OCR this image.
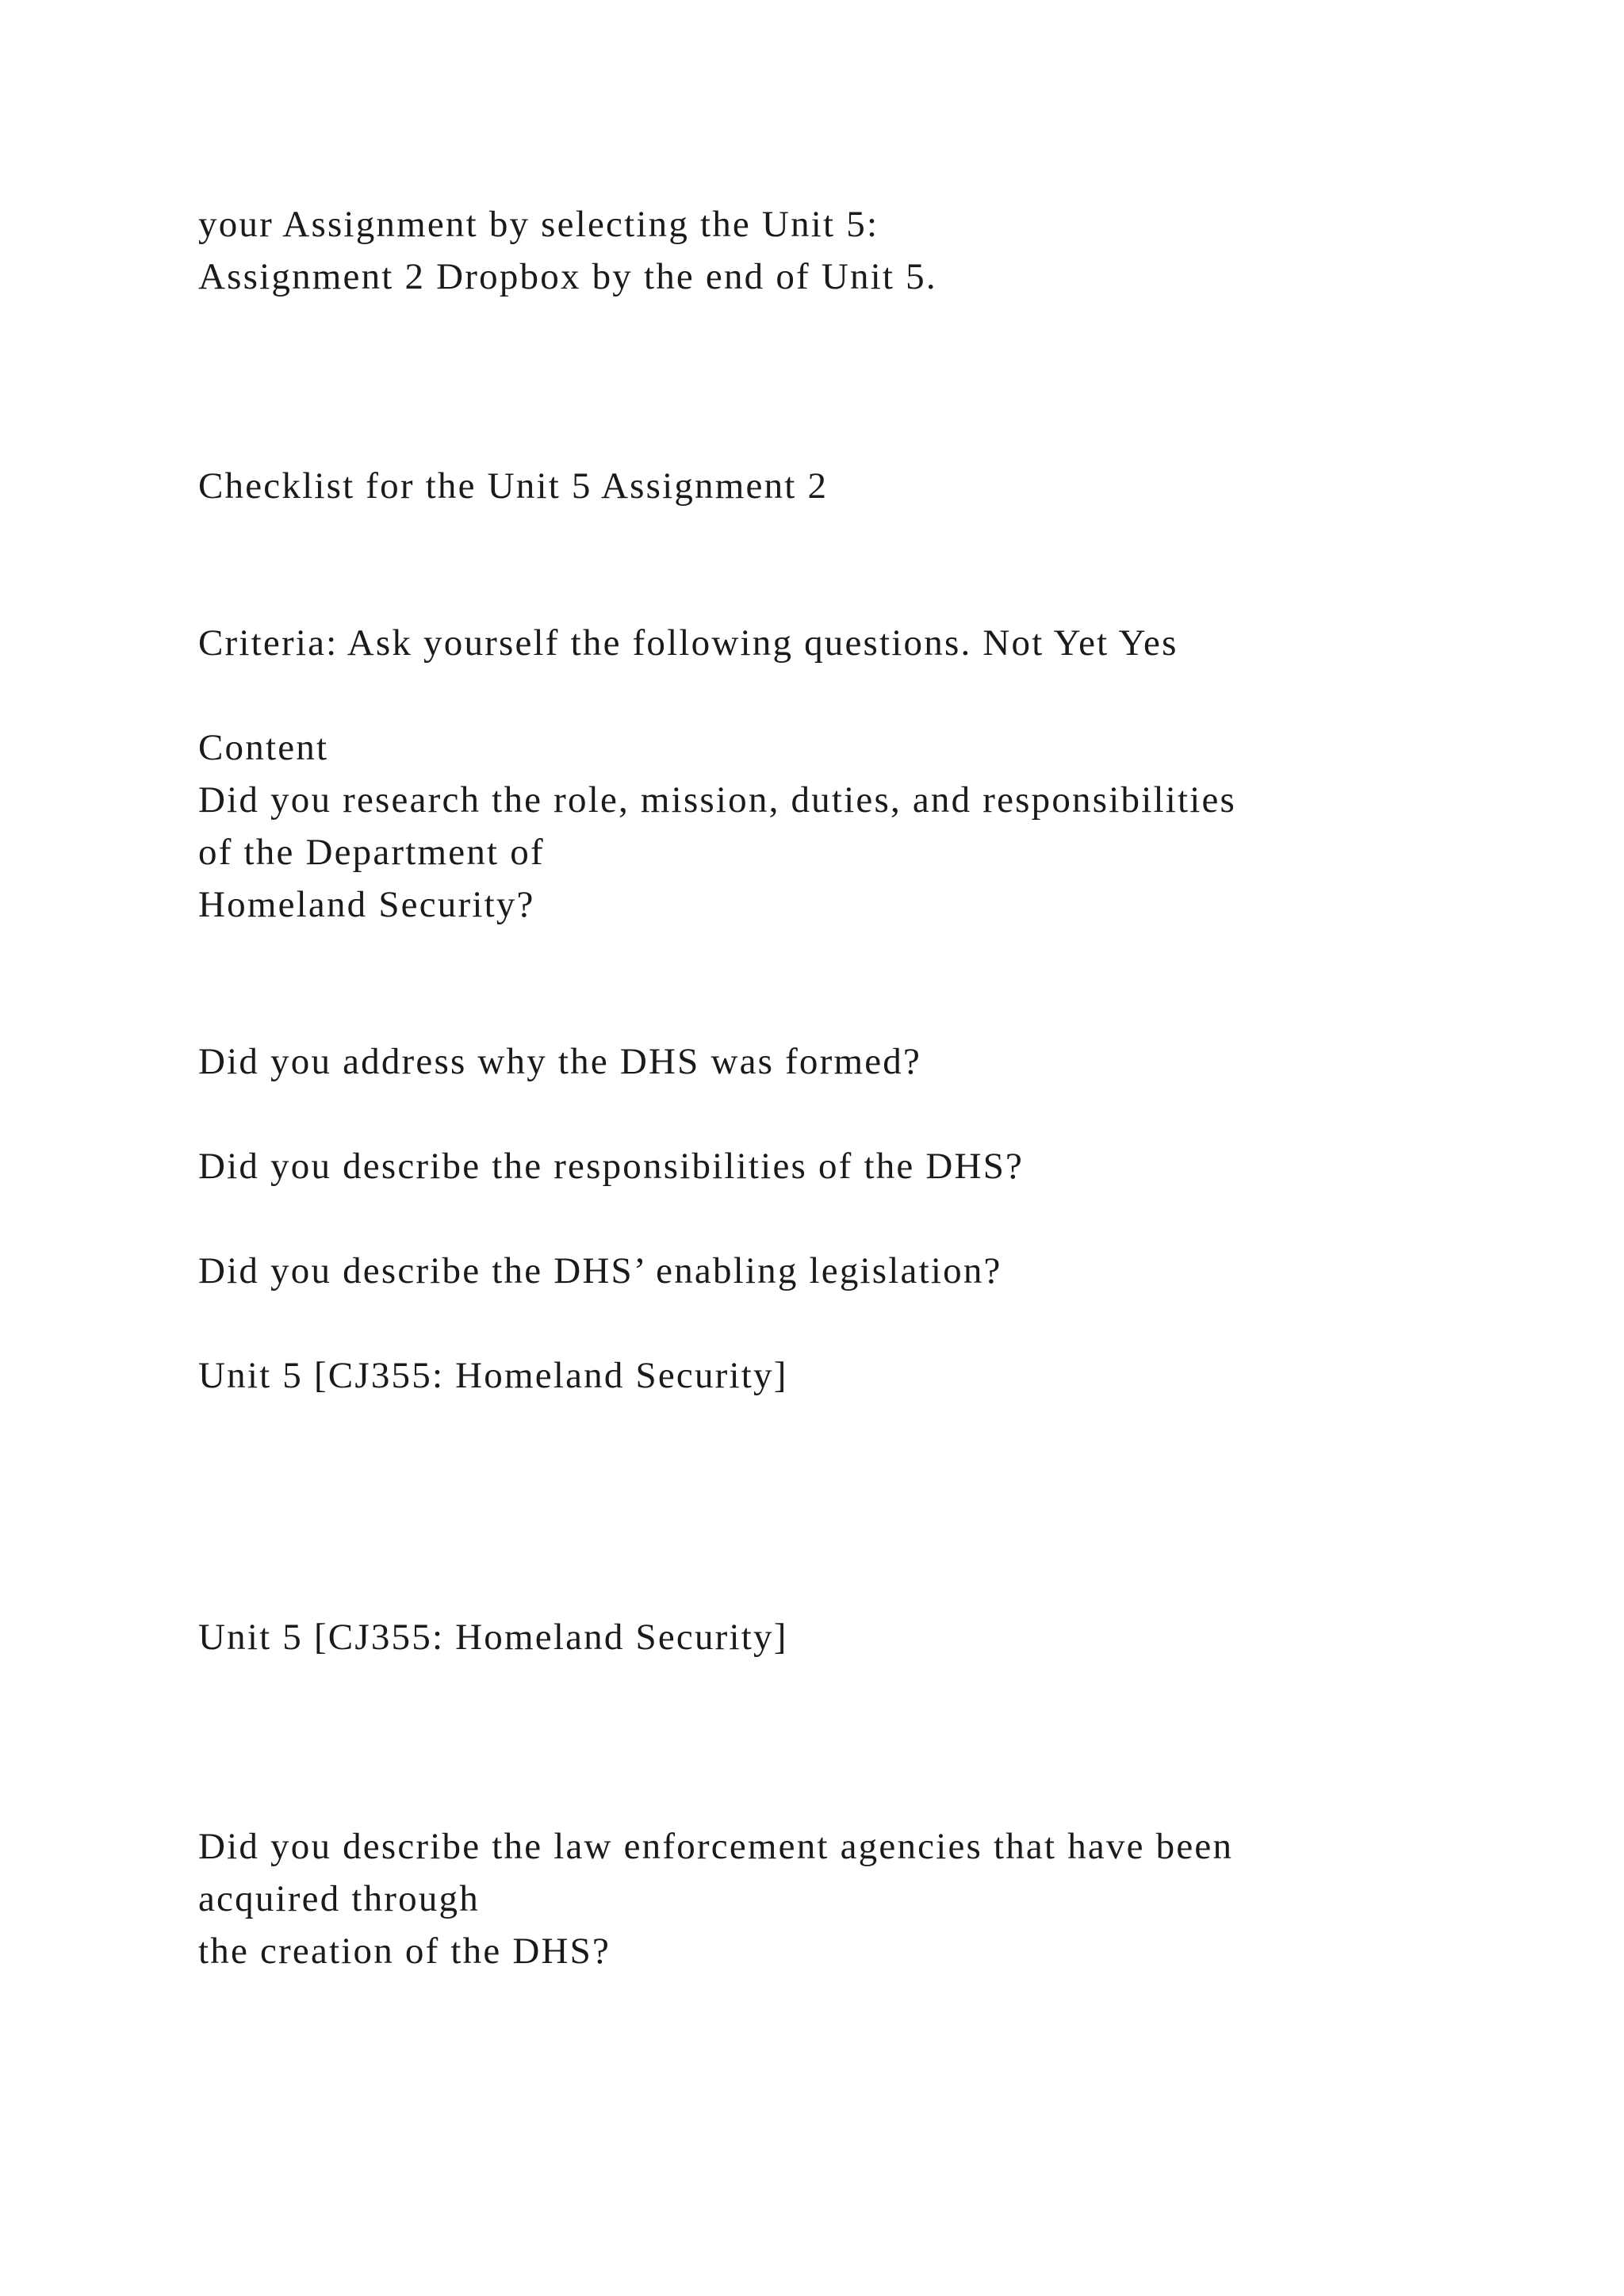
your Assignment by selecting the Unit 5:

Assignment 2 Dropbox by the end of Unit 5.

Checklist for the Unit 5 Assignment 2

Criteria: Ask yourself the following questions. Not Yet Yes

Content

Did you research the role, mission, duties, and responsibilities

of the Department of

Homeland Security?

Did you address why the DHS was formed?

Did you describe the responsibilities of the DHS?

Did you describe the DHS’ enabling legislation?

Unit 5 [CJ355: Homeland Security]

Unit 5 [CJ355: Homeland Security]

Did you describe the law enforcement agencies that have been

acquired through

the creation of the DHS?
